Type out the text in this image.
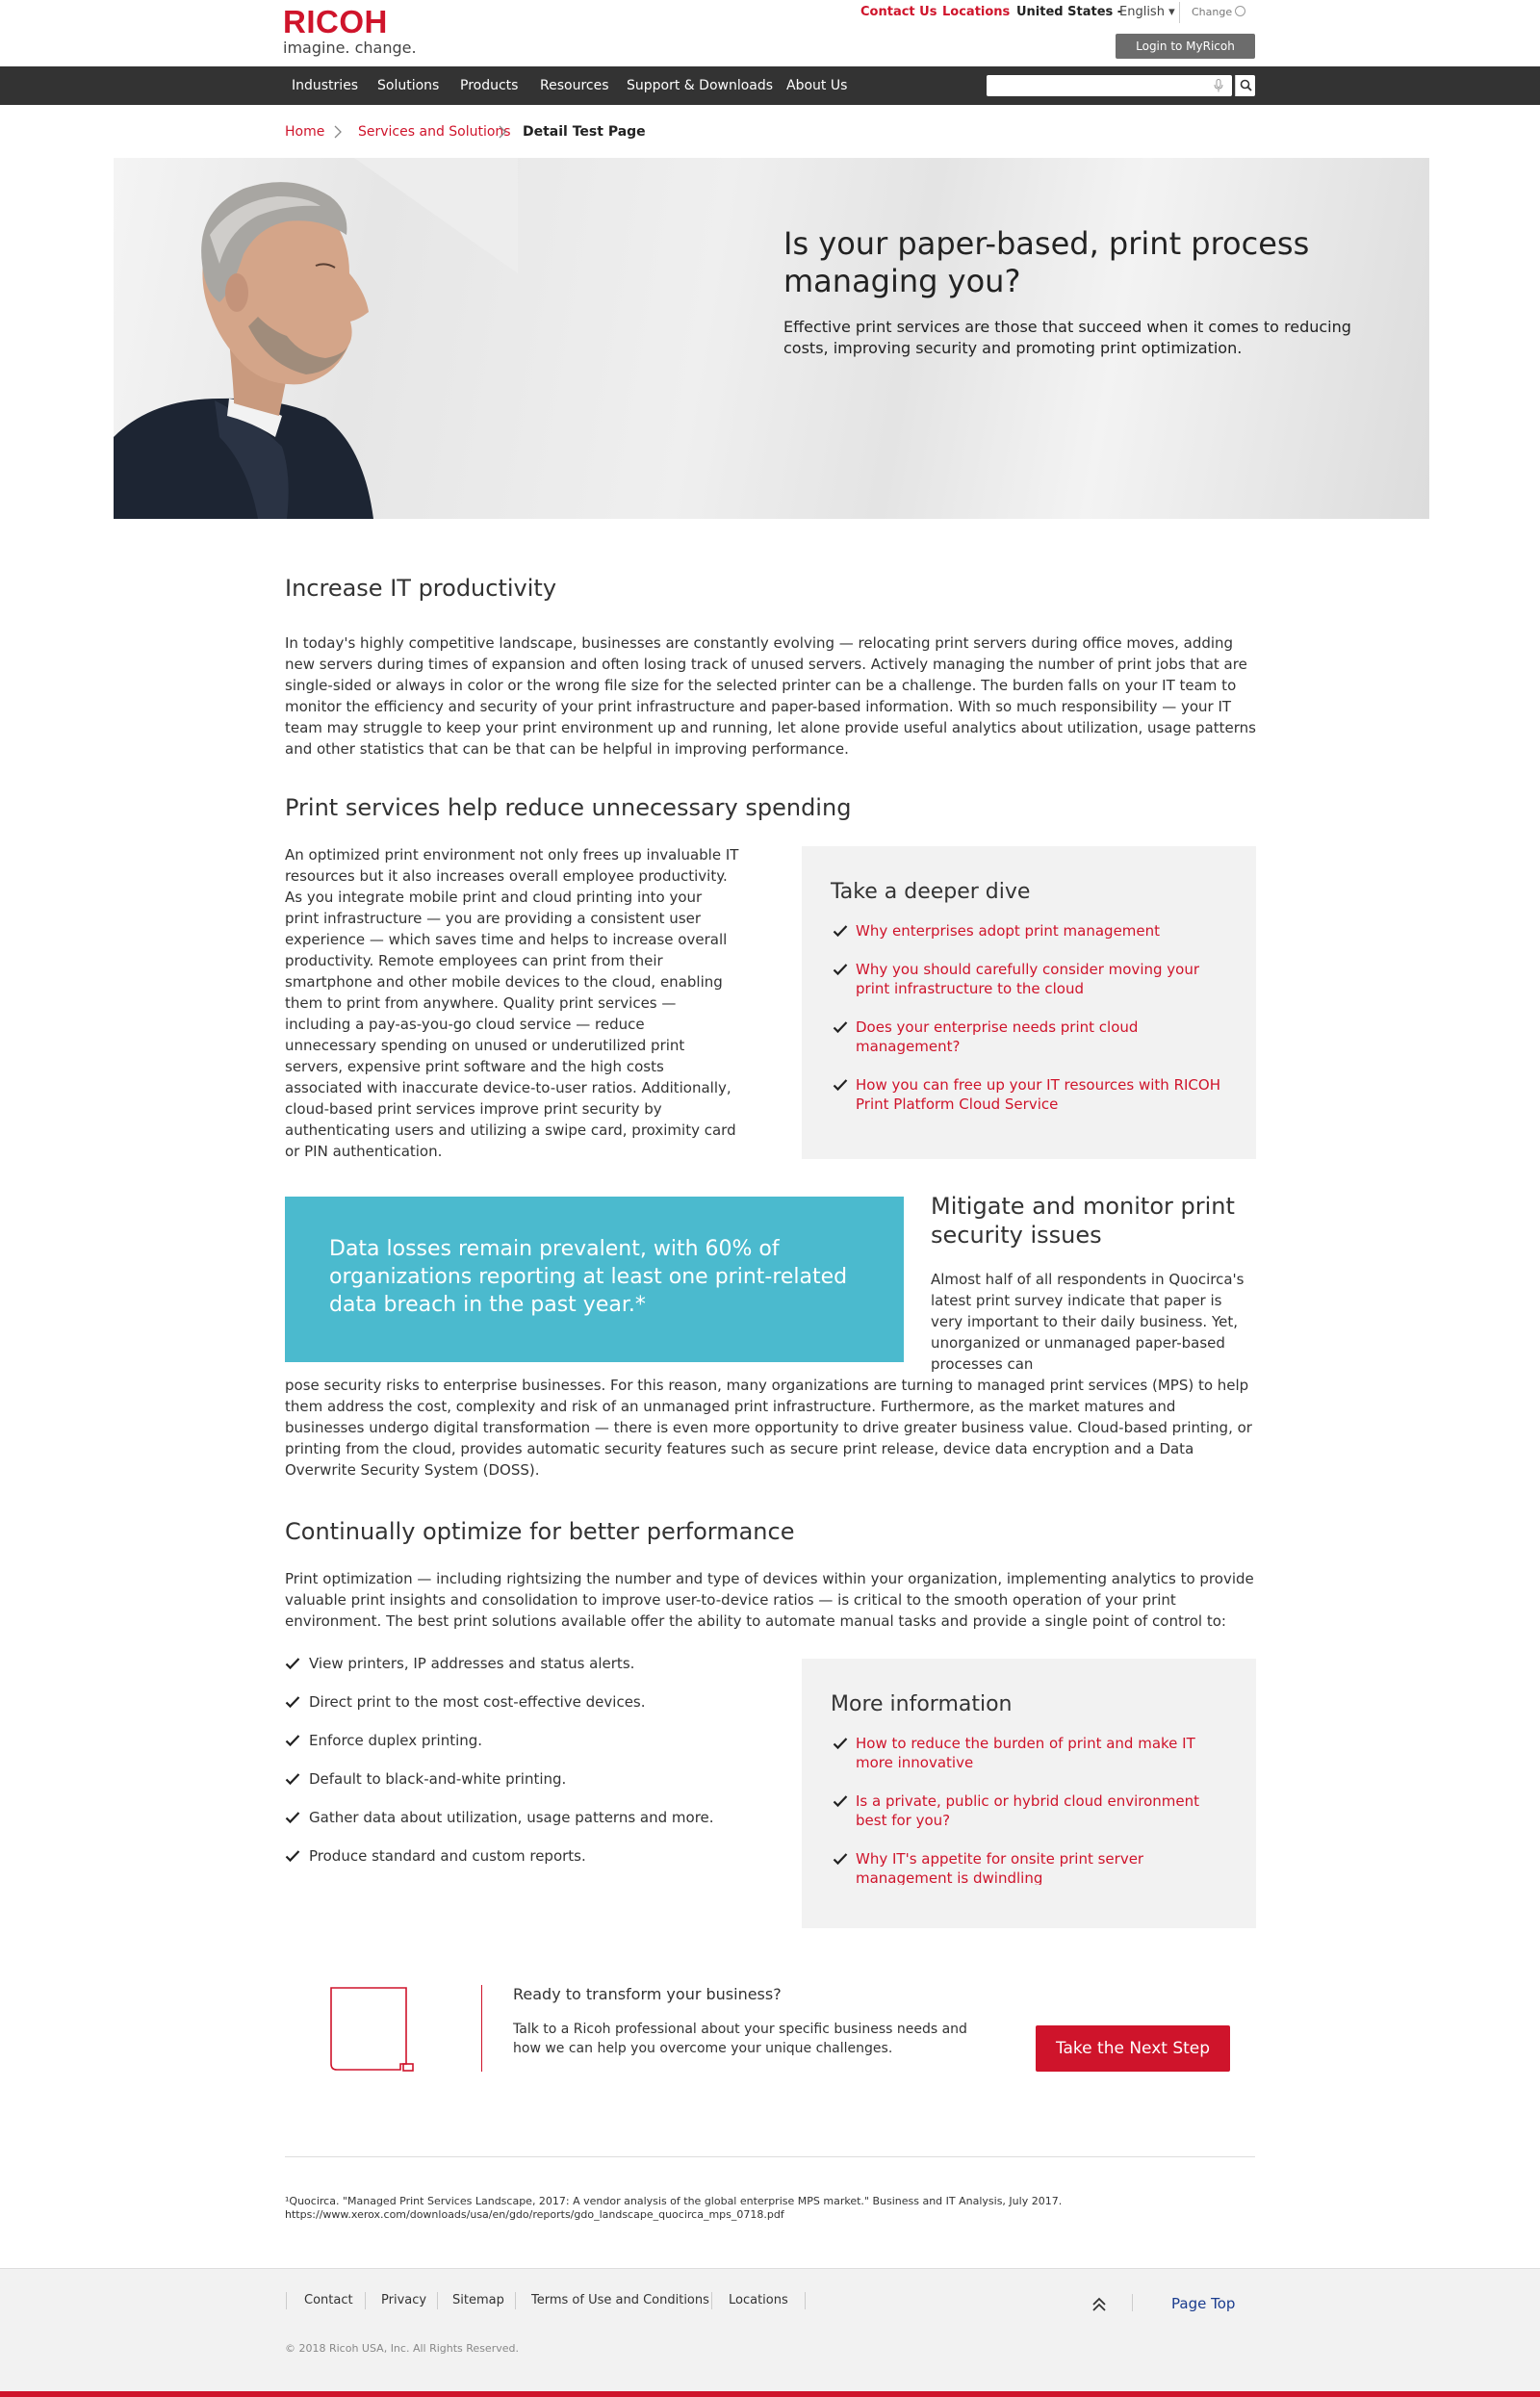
RICOH
imagine. change.
Contact Us Locations United States -
English ▾ Change
Login to MyRicoh
Industries Solutions Products Resources Support & Downloads About Us
Home Services and Solutions Detail Test Page
Is your paper-based, print process managing you?
Effective print services are those that succeed when it comes to reducing costs, improving security and promoting print optimization.
Increase IT productivity
In today's highly competitive landscape, businesses are constantly evolving — relocating print servers during office moves, adding new servers during times of expansion and often losing track of unused servers. Actively managing the number of print jobs that are single-sided or always in color or the wrong file size for the selected printer can be a challenge. The burden falls on your IT team to monitor the efficiency and security of your print infrastructure and paper-based information. With so much responsibility — your IT team may struggle to keep your print environment up and running, let alone provide useful analytics about utilization, usage patterns and other statistics that can be that can be helpful in improving performance.
Print services help reduce unnecessary spending
An optimized print environment not only frees up invaluable IT resources but it also increases overall employee productivity. As you integrate mobile print and cloud printing into your print infrastructure — you are providing a consistent user experience — which saves time and helps to increase overall productivity. Remote employees can print from their smartphone and other mobile devices to the cloud, enabling them to print from anywhere. Quality print services — including a pay-as-you-go cloud service — reduce unnecessary spending on unused or underutilized print servers, expensive print software and the high costs associated with inaccurate device-to-user ratios. Additionally, cloud-based print services improve print security by authenticating users and utilizing a swipe card, proximity card or PIN authentication.
Take a deeper dive
Why enterprises adopt print management
Why you should carefully consider moving your print infrastructure to the cloud
Does your enterprise needs print cloud management?
How you can free up your IT resources with RICOH Print Platform Cloud Service
Data losses remain prevalent, with 60% of organizations reporting at least one print-related data breach in the past year.*
Mitigate and monitor print security issues
Almost half of all respondents in Quocirca's latest print survey indicate that paper is very important to their daily business. Yet, unorganized or unmanaged paper-based processes can
pose security risks to enterprise businesses. For this reason, many organizations are turning to managed print services (MPS) to help them address the cost, complexity and risk of an unmanaged print infrastructure. Furthermore, as the market matures and businesses undergo digital transformation — there is even more opportunity to drive greater business value. Cloud-based printing, or printing from the cloud, provides automatic security features such as secure print release, device data encryption and a Data Overwrite Security System (DOSS).
Continually optimize for better performance
Print optimization — including rightsizing the number and type of devices within your organization, implementing analytics to provide valuable print insights and consolidation to improve user-to-device ratios — is critical to the smooth operation of your print environment. The best print solutions available offer the ability to automate manual tasks and provide a single point of control to:
View printers, IP addresses and status alerts.
Direct print to the most cost-effective devices.
Enforce duplex printing.
Default to black-and-white printing.
Gather data about utilization, usage patterns and more.
Produce standard and custom reports.
More information
How to reduce the burden of print and make IT more innovative
Is a private, public or hybrid cloud environment best for you?
Why IT's appetite for onsite print server management is dwindling
Ready to transform your business?
Talk to a Ricoh professional about your specific business needs and how we can help you overcome your unique challenges.	Take the Next Step
¹Quocirca. "Managed Print Services Landscape, 2017: A vendor analysis of the global enterprise MPS market." Business and IT Analysis, July 2017.
https://www.xerox.com/downloads/usa/en/gdo/reports/gdo_landscape_quocirca_mps_0718.pdf
Contact Privacy Sitemap Terms of Use and Conditions Locations	Page Top
© 2018 Ricoh USA, Inc. All Rights Reserved.
